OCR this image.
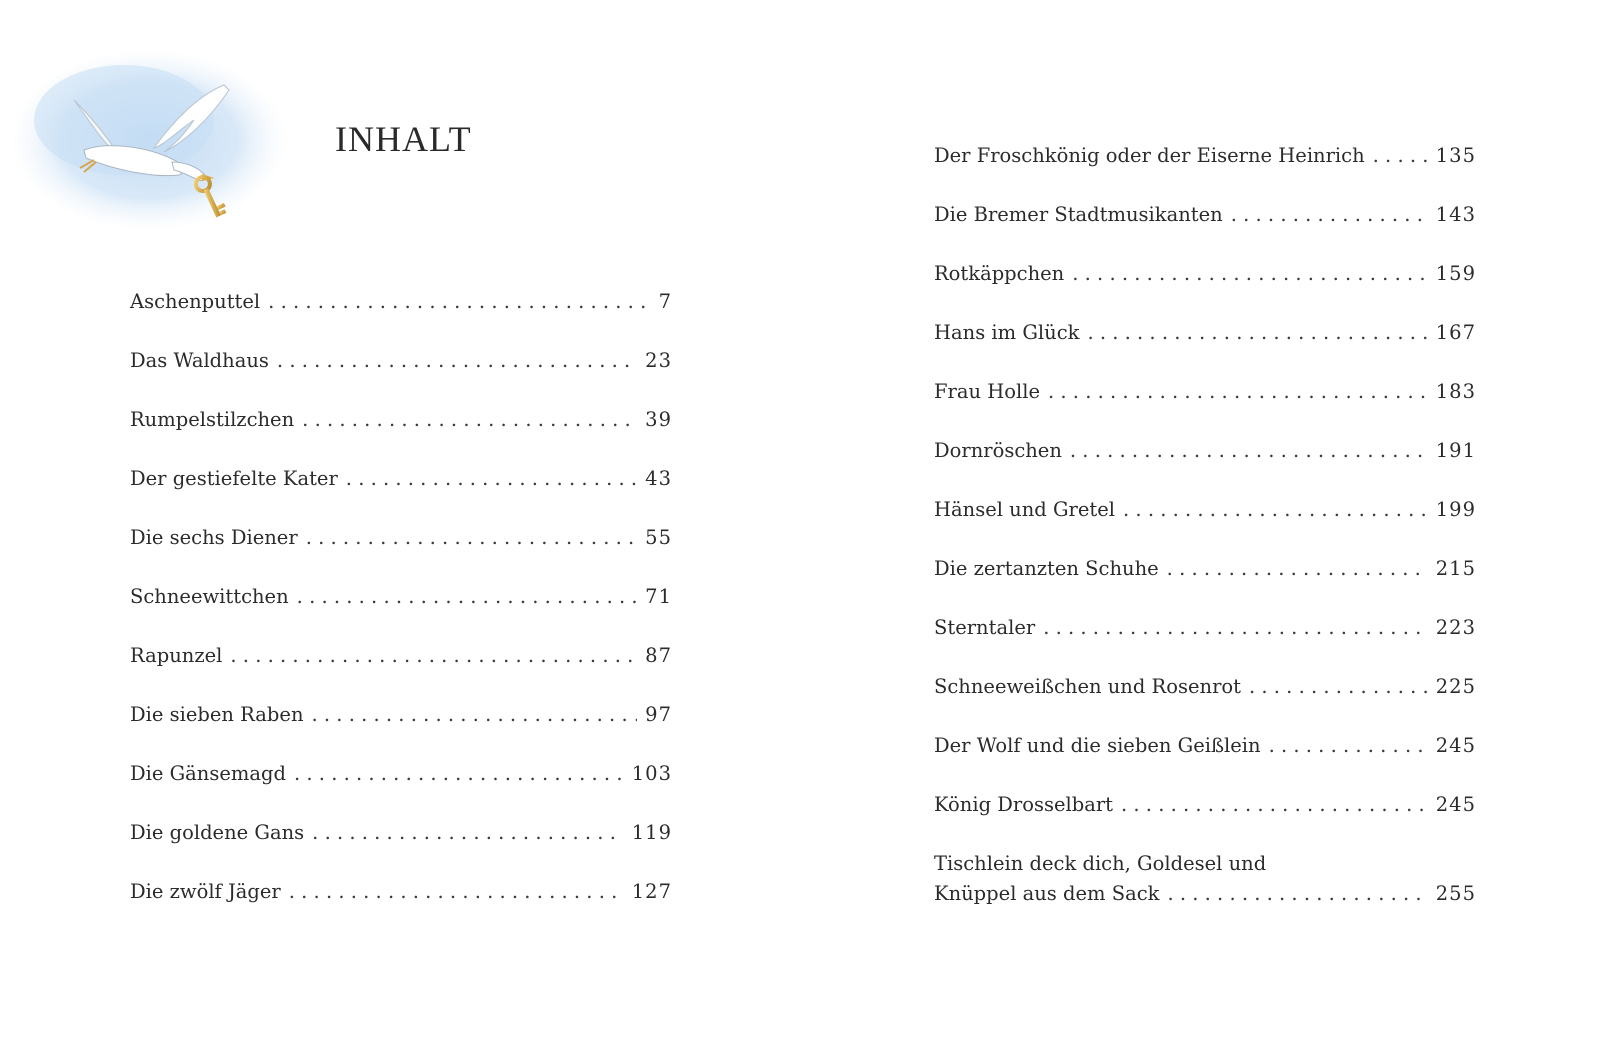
INHALT
Aschenputtel . . .	7
Das Waldhaus . . .	23
Rumpelstilzchen . . .	39
Der gestiefelte Kater . . .	43
Die sechs Diener . . .	55
Schneewittchen . . .	71
Rapunzel . . .	87
Die sieben Raben . . .	97
Die Gänsemagd . . .	103
Die goldene Gans . . .	119
Die zwölf Jäger . . .	127
Der Froschkönig oder der Eiserne Heinrich . . .	135
Die Bremer Stadtmusikanten . . .	143
Rotkäppchen . . .	159
Hans im Glück . . .	167
Frau Holle . . .	183
Dornröschen . . .	191
Hänsel und Gretel . . .	199
Die zertanzten Schuhe . . .	215
Sterntaler . . .	223
Schneeweißchen und Rosenrot . . .	225
Der Wolf und die sieben Geißlein . . .	245
König Drosselbart . . .	245
Tischlein deck dich, Goldesel und
Knüppel aus dem Sack . . .	255
